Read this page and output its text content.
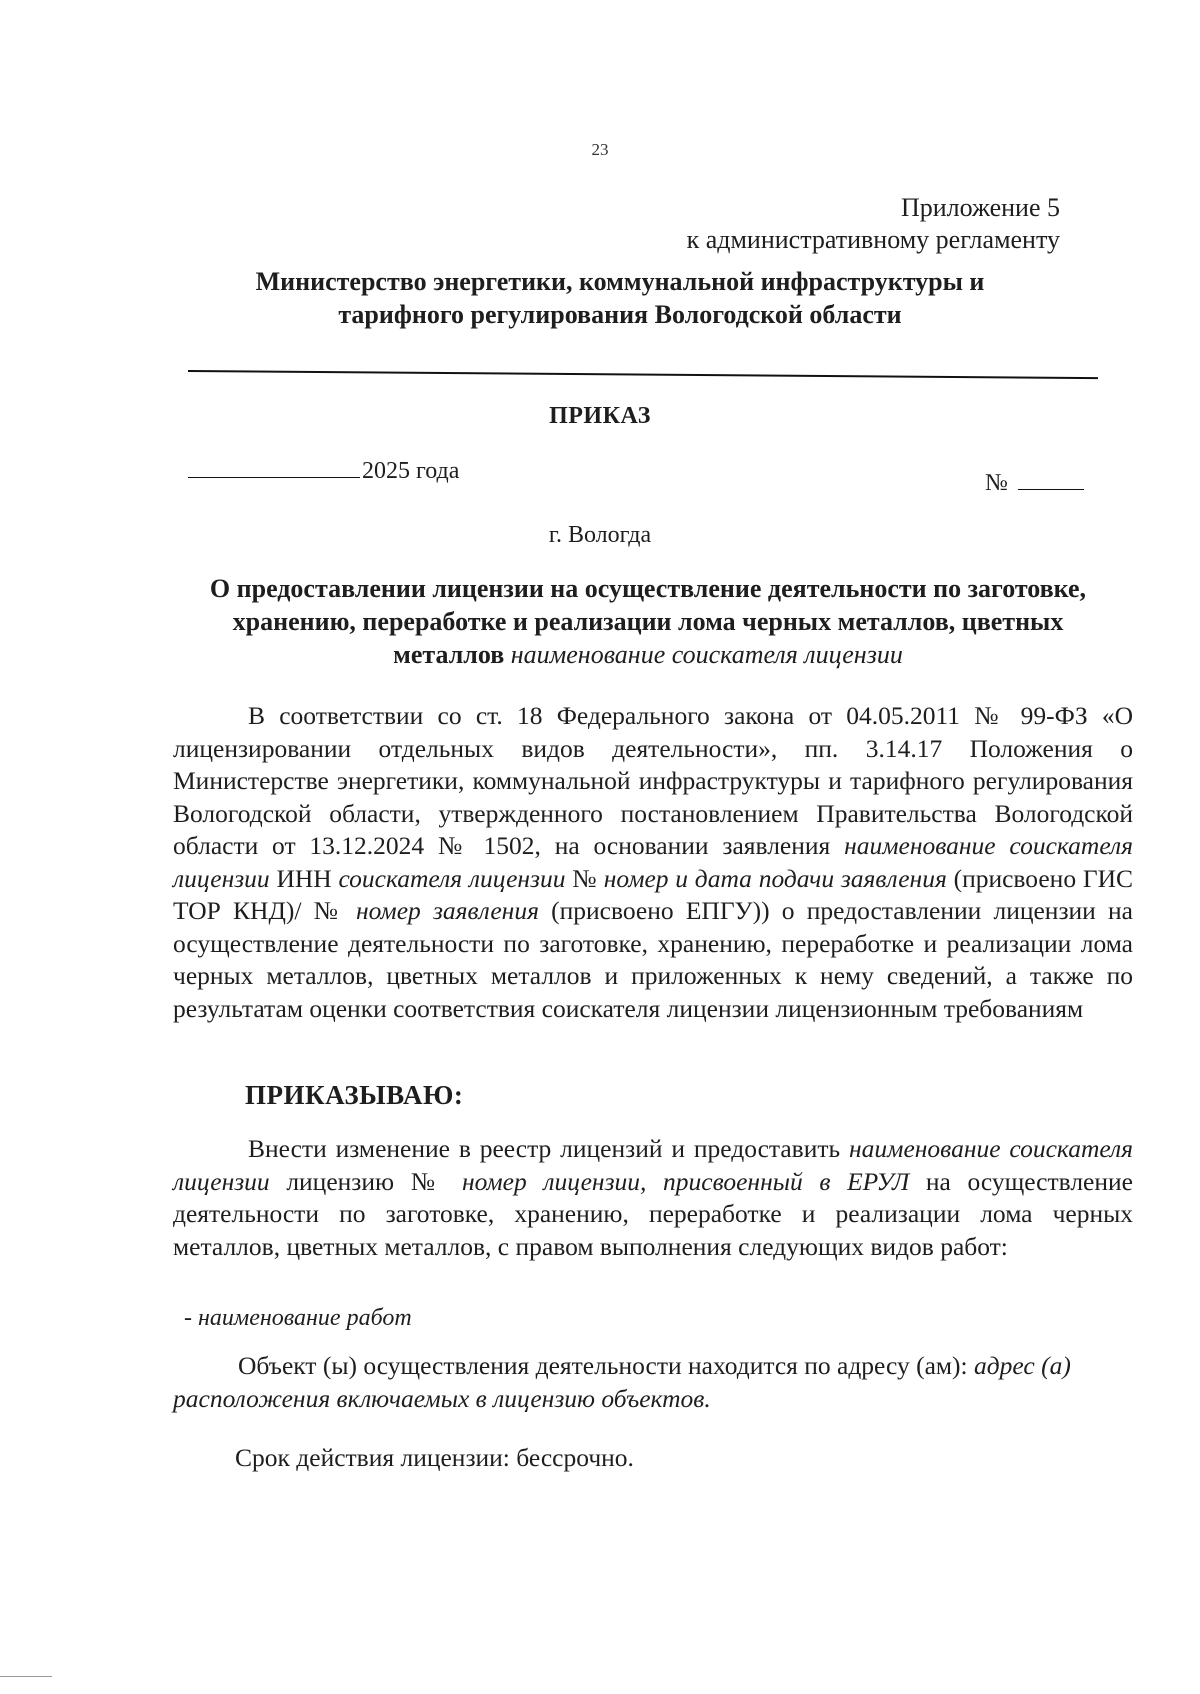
23
Приложение 5
к административному регламенту
Министерство энергетики, коммунальной инфраструктуры и
тарифного регулирования Вологодской области
ПРИКАЗ
2025 года	№
г. Вологда
О предоставлении лицензии на осуществление деятельности по заготовке,
хранению, переработке и реализации лома черных металлов, цветных
металлов наименование соискателя лицензии
В соответствии со ст. 18 Федерального закона от 04.05.2011 № 99-ФЗ «О лицензировании отдельных видов деятельности», пп. 3.14.17 Положения о Министерстве энергетики, коммунальной инфраструктуры и тарифного регулирования Вологодской области, утвержденного постановлением Правительства Вологодской области от 13.12.2024 № 1502, на основании заявления наименование соискателя лицензии ИНН соискателя лицензии № номер и дата подачи заявления (присвоено ГИС ТОР КНД)/ № номер заявления (присвоено ЕПГУ)) о предоставлении лицензии на осуществление деятельности по заготовке, хранению, переработке и реализации лома черных металлов, цветных металлов и приложенных к нему сведений, а также по результатам оценки соответствия соискателя лицензии лицензионным требованиям
ПРИКАЗЫВАЮ:
Внести изменение в реестр лицензий и предоставить наименование соискателя лицензии лицензию № номер лицензии, присвоенный в ЕРУЛ на осуществление деятельности по заготовке, хранению, переработке и реализации лома черных металлов, цветных металлов, с правом выполнения следующих видов работ:
- наименование работ
Объект (ы) осуществления деятельности находится по адресу (ам): адрес (а) расположения включаемых в лицензию объектов.
Срок действия лицензии: бессрочно.
